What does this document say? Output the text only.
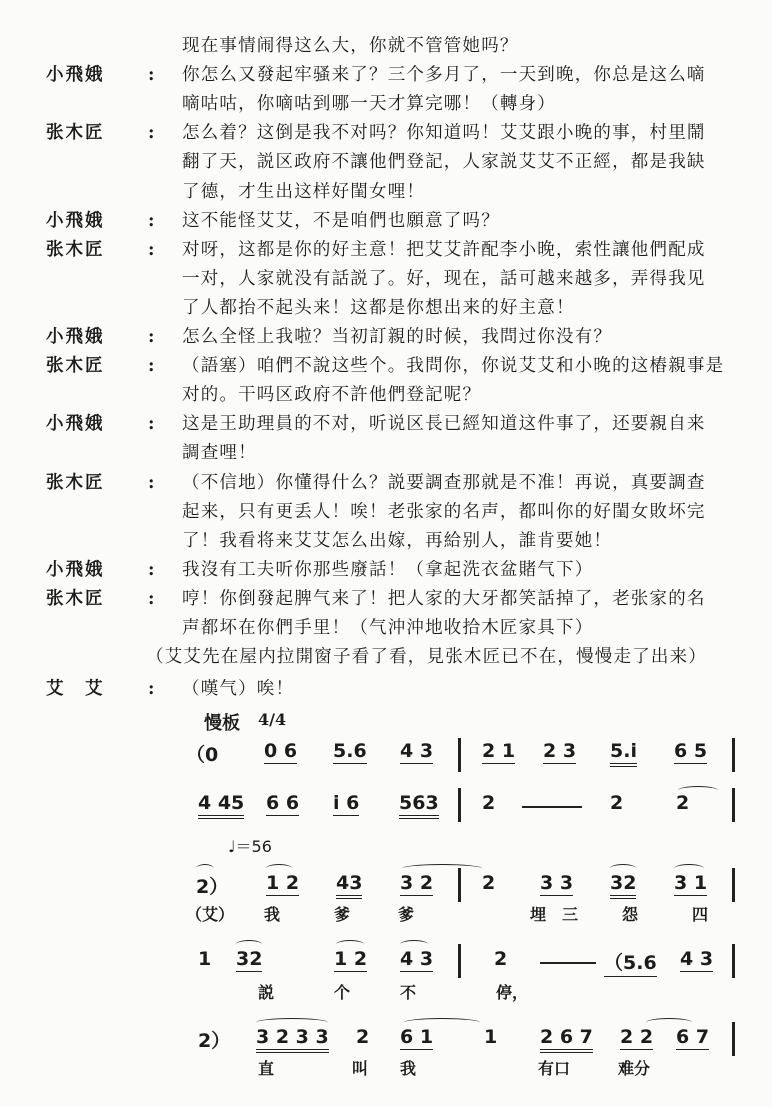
现在事情闹得这么大，你就不管管她吗？
小飛娥 : 你怎么又發起牢骚来了？三个多月了，一天到晚，你总是这么嘀
嘀咕咕，你嘀咕到哪一天才算完哪！（轉身）
张木匠 : 怎么着？这倒是我不对吗？你知道吗！艾艾跟小晚的事，村里鬧
翻了天，説区政府不讓他們登記，人家説艾艾不正經，都是我缺
了德，才生出这样好閨女哩！
小飛娥 : 这不能怪艾艾，不是咱們也願意了吗？
张木匠 : 对呀，这都是你的好主意！把艾艾許配李小晚，索性讓他們配成
一对，人家就没有話説了。好，现在，話可越来越多，弄得我见
了人都抬不起头来！这都是你想出来的好主意！
小飛娥 : 怎么全怪上我啦？当初訂親的时候，我問过你没有？
张木匠 : （語塞）咱們不說这些个。我問你，你说艾艾和小晚的这樁親事是
对的。干吗区政府不許他們登記呢？
小飛娥 : 这是王助理員的不对，听说区長已經知道这件事了，还要親自来
調查哩！
张木匠 : （不信地）你懂得什么？説要調查那就是不准！再说，真要調查
起来，只有更丢人！唉！老张家的名声，都叫你的好閨女敗坏完
了！我看将来艾艾怎么出嫁，再給别人，誰肯要她！
小飛娥 : 我沒有工夫听你那些廢話！（拿起洗衣盆賭气下）
张木匠 : 哼！你倒發起脾气来了！把人家的大牙都笑話掉了，老张家的名
声都坏在你們手里！（气沖沖地收拾木匠家具下）
（艾艾先在屋内拉開窗子看了看，見张木匠已不在，慢慢走了出来）
艾　艾 : （嘆气）唉！
慢板 4/4
（0 0 6 5.6 4 3	2 1 2 3 5.i 6 5
4 45 6 6 i 6 563 2	2	2
♩＝56
2） 1 2 43 3 2	2 3 3 32 3 1
（艾） 我	爹	爹	埋 三	怨	四
1 32	1 2 4 3	2	（5.6 4 3
説	个	不	停，
2） 3 2 3 3 2 6 1	1 2 6 7 2 2 6 7
直	叫 我	有口	难分
